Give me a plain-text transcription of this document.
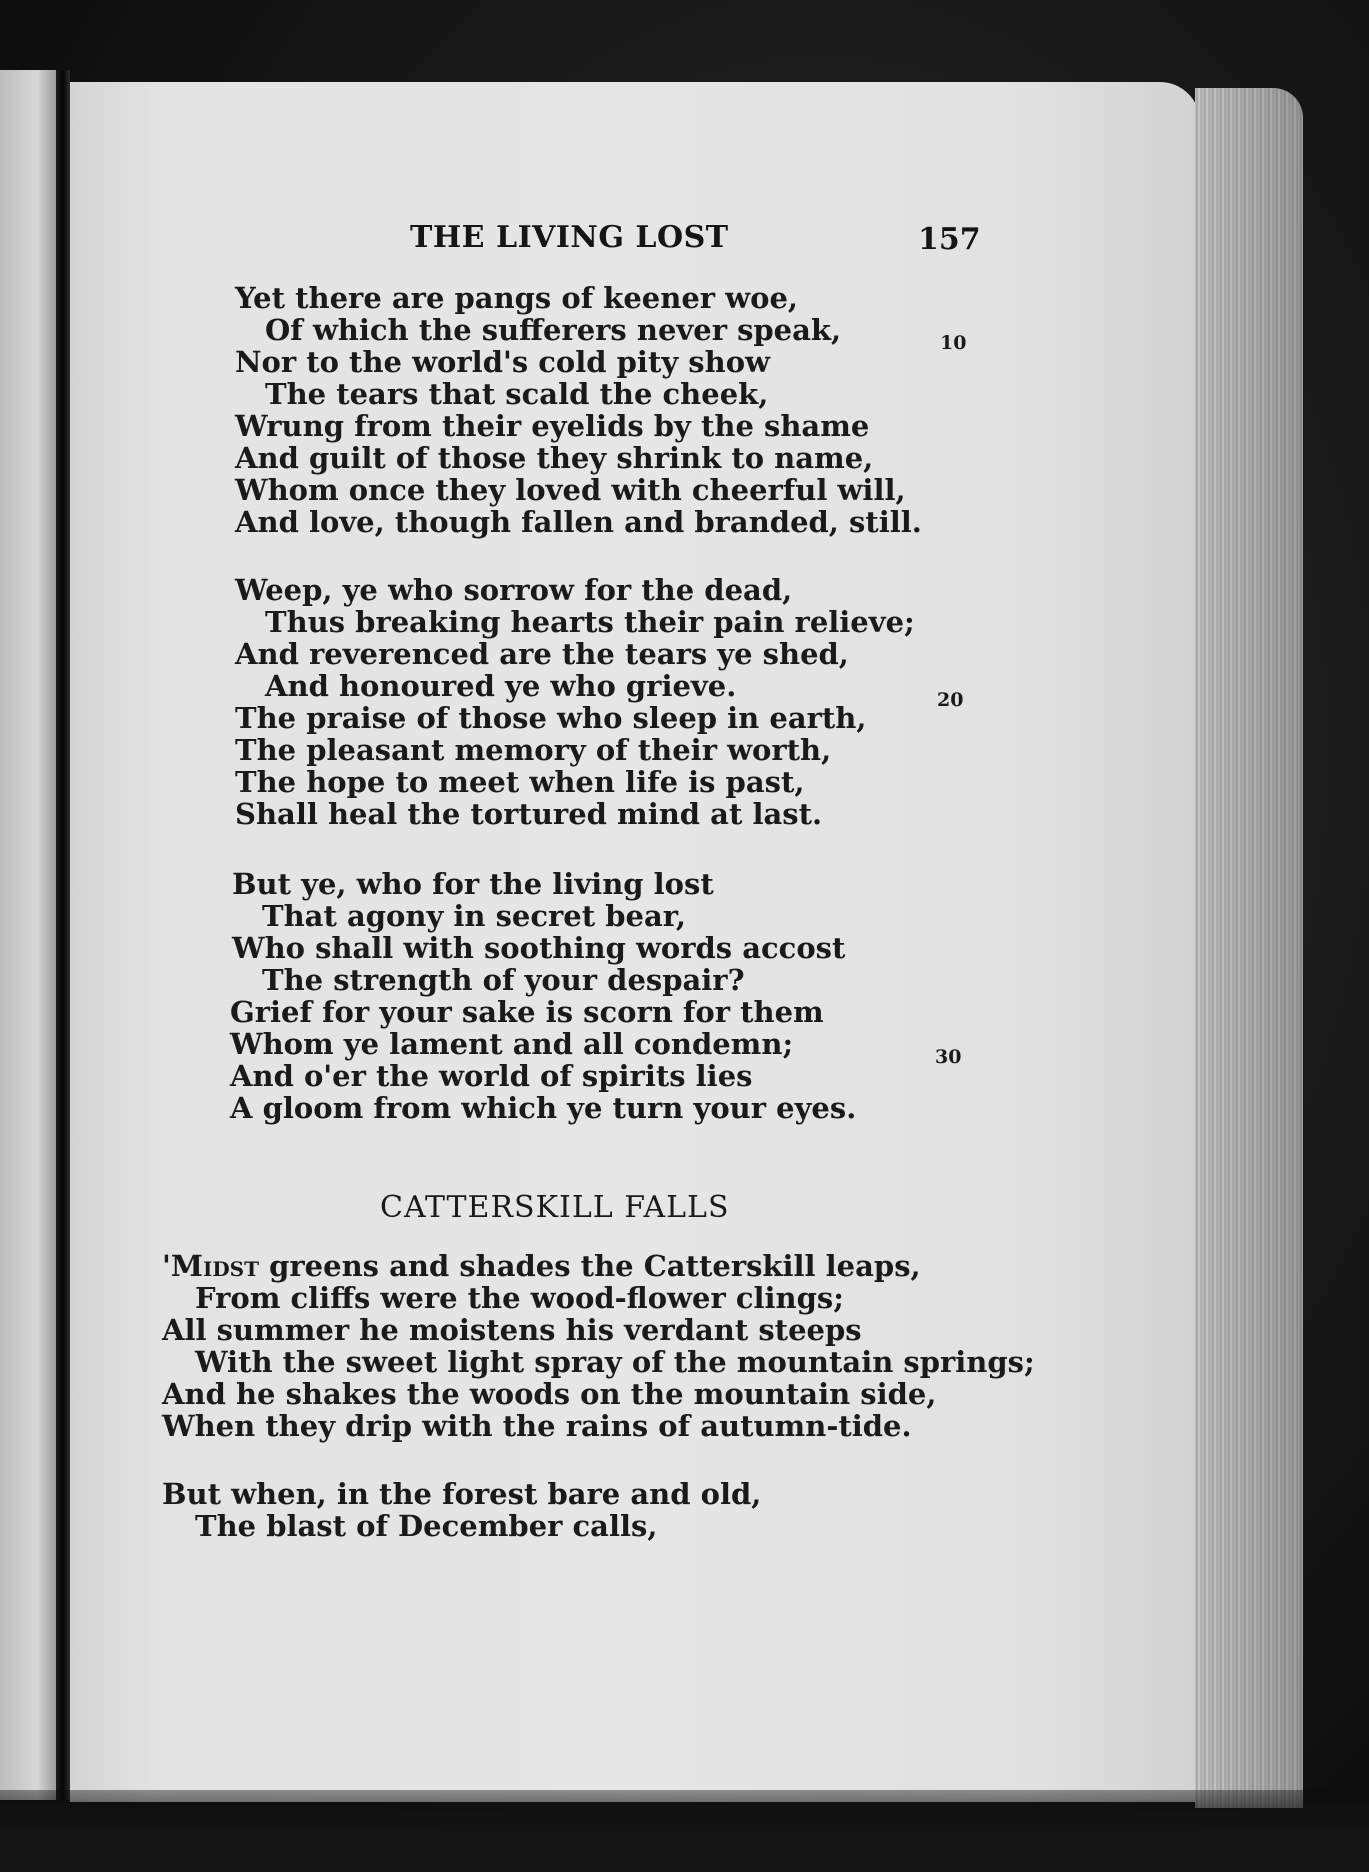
THE LIVING LOST	157
Yet there are pangs of keener woe,
Of which the sufferers never speak,
Nor to the world's cold pity show
The tears that scald the cheek,
Wrung from their eyelids by the shame
And guilt of those they shrink to name,
Whom once they loved with cheerful will,
And love, though fallen and branded, still.
10
Weep, ye who sorrow for the dead,
Thus breaking hearts their pain relieve;
And reverenced are the tears ye shed,
And honoured ye who grieve.
The praise of those who sleep in earth,
The pleasant memory of their worth,
The hope to meet when life is past,
Shall heal the tortured mind at last.
20
But ye, who for the living lost
That agony in secret bear,
Who shall with soothing words accost
The strength of your despair?
Grief for your sake is scorn for them
Whom ye lament and all condemn;
And o'er the world of spirits lies
A gloom from which ye turn your eyes.
30
CATTERSKILL FALLS
'Midst greens and shades the Catterskill leaps,
From cliffs were the wood-flower clings;
All summer he moistens his verdant steeps
With the sweet light spray of the mountain springs;
And he shakes the woods on the mountain side,
When they drip with the rains of autumn-tide.
But when, in the forest bare and old,
The blast of December calls,
